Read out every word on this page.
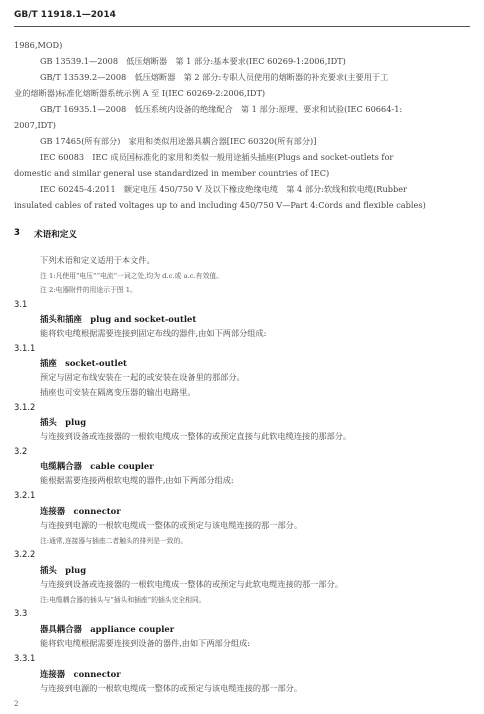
GB/T 11918.1—2014
1986,MOD)
GB 13539.1—2008　低压熔断器　第 1 部分:基本要求(IEC 60269-1:2006,IDT)
GB/T 13539.2—2008　低压熔断器　第 2 部分:专职人员使用的熔断器的补充要求(主要用于工
业的熔断器)标准化熔断器系统示例 A 至 I(IEC 60269-2:2006,IDT)
GB/T 16935.1—2008　低压系统内设备的绝缘配合　第 1 部分:原理、要求和试验(IEC 60664-1:
2007,IDT)
GB 17465(所有部分)　家用和类似用途器具耦合器[IEC 60320(所有部分)]
IEC 60083　IEC 成员国标准化的家用和类似一般用途插头插座(Plugs and socket-outlets for
domestic and similar general use standardized in member countries of IEC)
IEC 60245-4:2011　额定电压 450/750 V 及以下橡皮绝缘电缆　第 4 部分:软线和软电缆(Rubber
insulated cables of rated voltages up to and including 450/750 V—Part 4:Cords and flexible cables)
3 术语和定义
下列术语和定义适用于本文件。
注 1:凡使用“电压”“电流”一词之处,均为 d.c.或 a.c.有效值。
注 2:电器附件的用途示于图 1。
3.1
插头和插座　plug and socket-outlet
能将软电缆根据需要连接到固定布线的器件,由如下两部分组成:
3.1.1
插座　socket-outlet
预定与固定布线安装在一起的或安装在设备里的那部分。
插座也可安装在隔离变压器的输出电路里。
3.1.2
插头　plug
与连接到设备或连接器的一根软电缆成一整体的或预定直接与此软电缆连接的那部分。
3.2
电缆耦合器　cable coupler
能根据需要连接两根软电缆的器件,由如下两部分组成:
3.2.1
连接器　connector
与连接到电源的一根软电缆成一整体的或预定与该电缆连接的那一部分。
注:通常,连接器与插座二者触头的排列是一致的。
3.2.2
插头　plug
与连接到设备或连接器的一根软电缆成一整体的或预定与此软电缆连接的那一部分。
注:电缆耦合器的插头与“插头和插座”的插头完全相同。
3.3
器具耦合器　appliance coupler
能将软电缆根据需要连接到设备的器件,由如下两部分组成:
3.3.1
连接器　connector
与连接到电源的一根软电缆成一整体的或预定与该电缆连接的那一部分。
2
